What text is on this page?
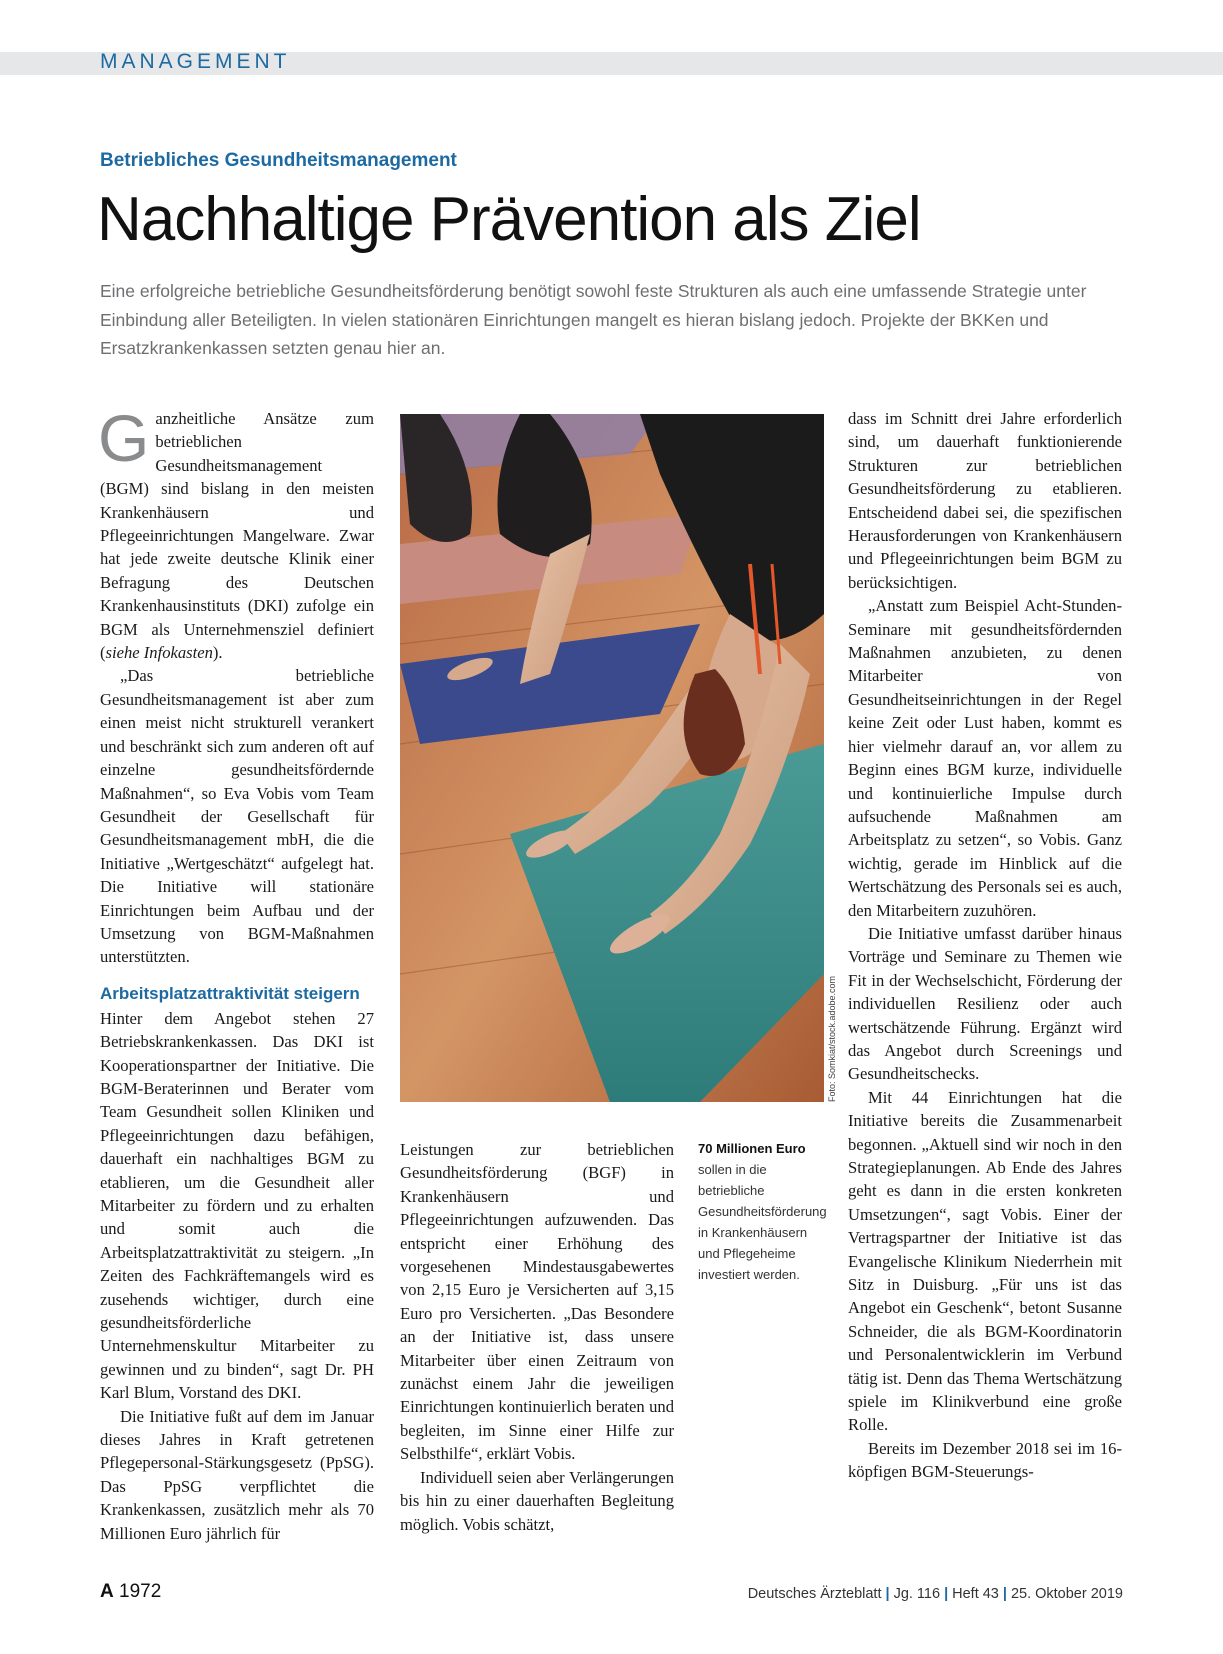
MANAGEMENT
Betriebliches Gesundheitsmanagement
Nachhaltige Prävention als Ziel

Eine erfolgreiche betriebliche Gesundheitsförderung benötigt sowohl feste Strukturen als auch eine umfassende Strategie unter Einbindung aller Beteiligten. In vielen stationären Einrichtungen mangelt es hieran bislang jedoch. Projekte der BKKen und Ersatzkrankenkassen setzten genau hier an.

Ganzheitliche Ansätze zum betrieblichen Gesundheitsmanagement (BGM) sind bislang in den meisten Krankenhäusern und Pflegeeinrichtungen Mangelware. Zwar hat jede zweite deutsche Klinik einer Befragung des Deutschen Krankenhausinstituts (DKI) zufolge ein BGM als Unternehmensziel definiert (siehe Infokasten).

„Das betriebliche Gesundheitsmanagement ist aber zum einen meist nicht strukturell verankert und beschränkt sich zum anderen oft auf einzelne gesundheitsfördernde Maßnahmen“, so Eva Vobis vom Team Gesundheit der Gesellschaft für Gesundheitsmanagement mbH, die die Initiative „Wertgeschätzt“ aufgelegt hat. Die Initiative will stationäre Einrichtungen beim Aufbau und der Umsetzung von BGM-Maßnahmen unterstützten.

Arbeitsplatzattraktivität steigern

Hinter dem Angebot stehen 27 Betriebskrankenkassen. Das DKI ist Kooperationspartner der Initiative. Die BGM-Beraterinnen und Berater vom Team Gesundheit sollen Kliniken und Pflegeeinrichtungen dazu befähigen, dauerhaft ein nachhaltiges BGM zu etablieren, um die Gesundheit aller Mitarbeiter zu fördern und zu erhalten und somit auch die Arbeitsplatzattraktivität zu steigern. „In Zeiten des Fachkräftemangels wird es zusehends wichtiger, durch eine gesundheitsförderliche Unternehmenskultur Mitarbeiter zu gewinnen und zu binden“, sagt Dr. PH Karl Blum, Vorstand des DKI.

Die Initiative fußt auf dem im Januar dieses Jahres in Kraft getretenen Pflegepersonal-Stärkungsgesetz (PpSG). Das PpSG verpflichtet die Krankenkassen, zusätzlich mehr als 70 Millionen Euro jährlich für

Foto: Somkiat/stock.adobe.com

Leistungen zur betrieblichen Gesundheitsförderung (BGF) in Krankenhäusern und Pflegeeinrichtungen aufzuwenden. Das entspricht einer Erhöhung des vorgesehenen Mindestausgabewertes von 2,15 Euro je Versicherten auf 3,15 Euro pro Versicherten. „Das Besondere an der Initiative ist, dass unsere Mitarbeiter über einen Zeitraum von zunächst einem Jahr die jeweiligen Einrichtungen kontinuierlich beraten und begleiten, im Sinne einer Hilfe zur Selbsthilfe“, erklärt Vobis.

Individuell seien aber Verlängerungen bis hin zu einer dauerhaften Begleitung möglich. Vobis schätzt,

70 Millionen Euro
sollen in die betriebliche Gesundheitsförderung in Krankenhäusern und Pflegeheime investiert werden.

dass im Schnitt drei Jahre erforderlich sind, um dauerhaft funktionierende Strukturen zur betrieblichen Gesundheitsförderung zu etablieren. Entscheidend dabei sei, die spezifischen Herausforderungen von Krankenhäusern und Pflegeeinrichtungen beim BGM zu berücksichtigen.

„Anstatt zum Beispiel Acht-Stunden-Seminare mit gesundheitsfördernden Maßnahmen anzubieten, zu denen Mitarbeiter von Gesundheitseinrichtungen in der Regel keine Zeit oder Lust haben, kommt es hier vielmehr darauf an, vor allem zu Beginn eines BGM kurze, individuelle und kontinuierliche Impulse durch aufsuchende Maßnahmen am Arbeitsplatz zu setzen“, so Vobis. Ganz wichtig, gerade im Hinblick auf die Wertschätzung des Personals sei es auch, den Mitarbeitern zuzuhören.

Die Initiative umfasst darüber hinaus Vorträge und Seminare zu Themen wie Fit in der Wechselschicht, Förderung der individuellen Resilienz oder auch wertschätzende Führung. Ergänzt wird das Angebot durch Screenings und Gesundheitschecks.

Mit 44 Einrichtungen hat die Initiative bereits die Zusammenarbeit begonnen. „Aktuell sind wir noch in den Strategieplanungen. Ab Ende des Jahres geht es dann in die ersten konkreten Umsetzungen“, sagt Vobis. Einer der Vertragspartner der Initiative ist das Evangelische Klinikum Niederrhein mit Sitz in Duisburg. „Für uns ist das Angebot ein Geschenk“, betont Susanne Schneider, die als BGM-Koordinatorin und Personalentwicklerin im Verbund tätig ist. Denn das Thema Wertschätzung spiele im Klinikverbund eine große Rolle.

Bereits im Dezember 2018 sei im 16-köpfigen BGM-Steuerungs-

A 1972	Deutsches Ärzteblatt | Jg. 116 | Heft 43 | 25. Oktober 2019
